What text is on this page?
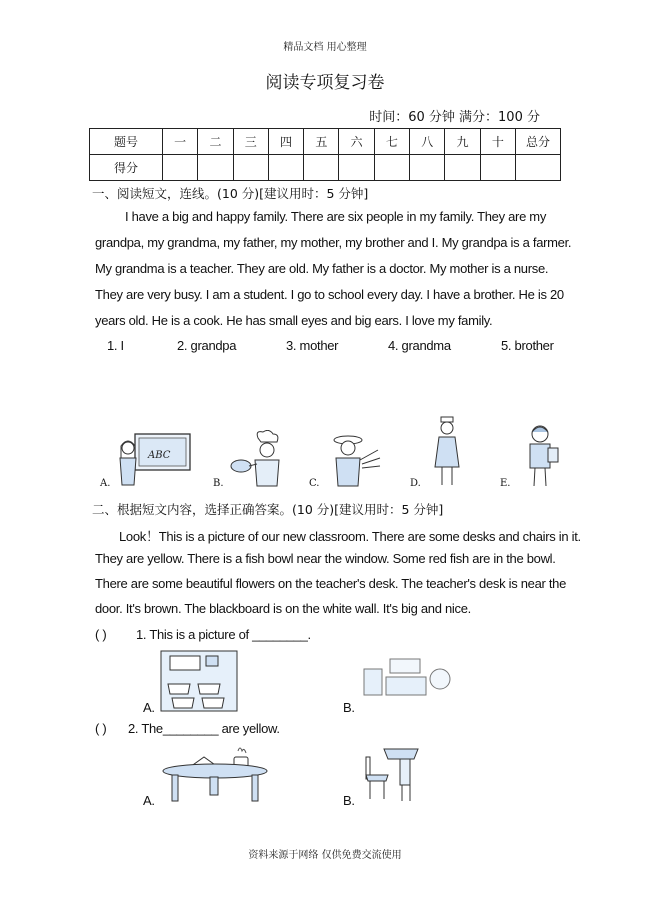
精品文档 用心整理
阅读专项复习卷
时间：60 分钟 满分：100 分
题号	一	二	三	四	五	六	七	八	九	十	总分
得分											
一、阅读短文，连线。(10 分)[建议用时：5 分钟]
I have a big and happy family. There are six people in my family. They are my
grandpa, my grandma, my father, my mother, my brother and I. My grandpa is a farmer.
My grandma is a teacher. They are old. My father is a doctor. My mother is a nurse.
They are very busy. I am a student. I go to school every day. I have a brother. He is 20
years old. He is a cook. He has small eyes and big ears. I love my family.
1. I	2. grandpa	3. mother	4. grandma	5. brother
ABC
A.	B.	C.	D.	E.
二、根据短文内容，选择正确答案。(10 分)[建议用时：5 分钟]
Look！This is a picture of our new classroom. There are some desks and chairs in it.
They are yellow. There is a fish bowl near the window. Some red fish are in the bowl.
There are some beautiful flowers on the teacher's desk. The teacher's desk is near the
door. It's brown. The blackboard is on the white wall. It's big and nice.
( ) 1. This is a picture of ________.
A.	B.
( ) 2. The________ are yellow.
A.	B.
资料来源于网络 仅供免费交流使用
